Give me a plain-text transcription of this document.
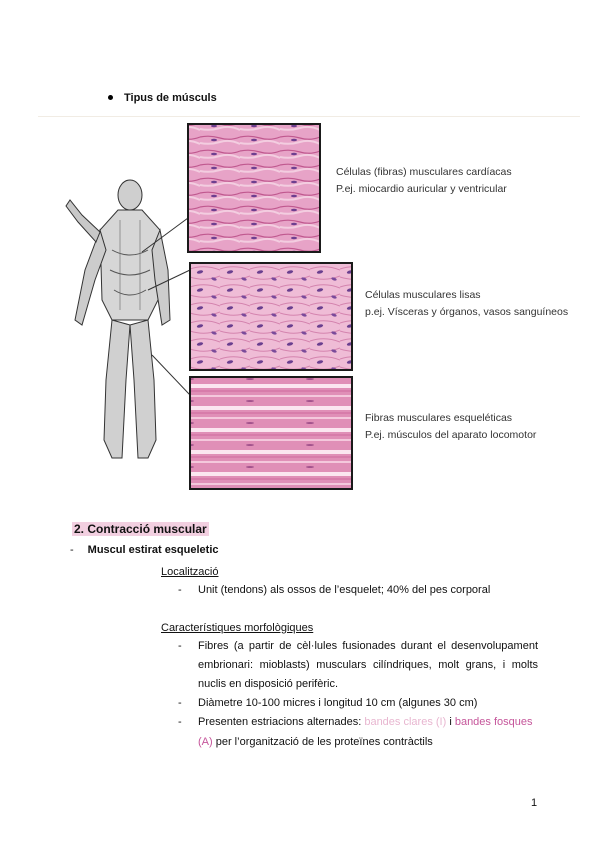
Tipus de músculs
Células (fibras) musculares cardíacas
P.ej. miocardio auricular y ventricular
Células musculares lisas
p.ej. Vísceras y órganos, vasos sanguíneos
Fibras musculares esqueléticas
P.ej. músculos del aparato locomotor
2. Contracció muscular
- Muscul estirat esqueletic
Localització
- Unit (tendons) als ossos de l’esquelet; 40% del pes corporal
Característiques morfològiques
-	Fibres (a partir de cèl·lules fusionades durant el desenvolupament
embrionari: mioblasts) musculars cilíndriques, molt grans, i molts
nuclis en disposició perifèric.
- Diàmetre 10-100 micres i longitud 10 cm (algunes 30 cm)
- Presenten estriacions alternades: bandes clares (I) i bandes fosques
(A) per l’organització de les proteïnes contràctils
1
